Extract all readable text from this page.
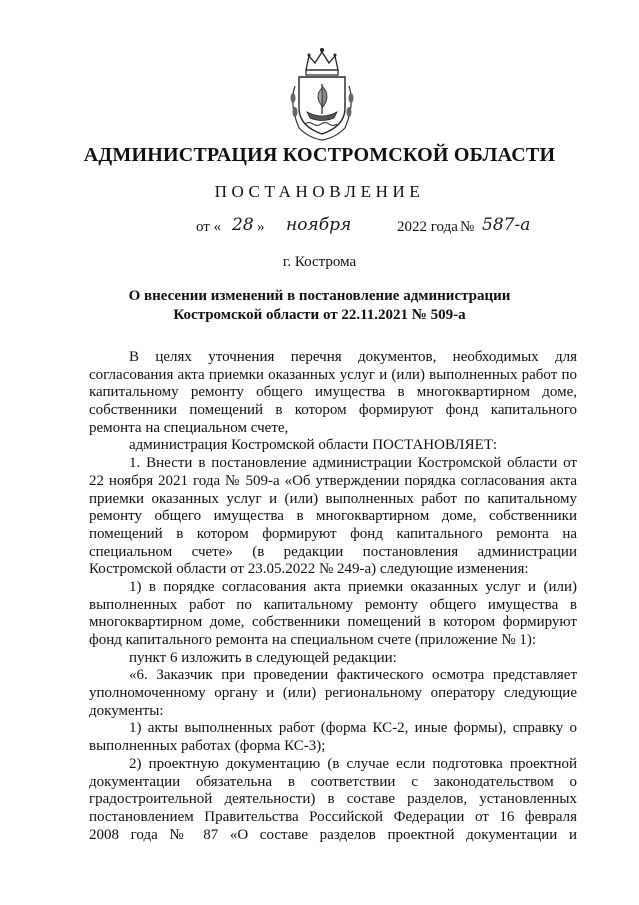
АДМИНИСТРАЦИЯ КОСТРОМСКОЙ ОБЛАСТИ
ПОСТАНОВЛЕНИЕ
от « 28 » ноября	2022 года № 587-а
г. Кострома
О внесении изменений в постановление администрации
Костромской области от 22.11.2021 № 509-а
В целях уточнения перечня документов, необходимых для
согласования акта приемки оказанных услуг и (или) выполненных работ по
капитальному ремонту общего имущества в многоквартирном доме,
собственники помещений в котором формируют фонд капитального
ремонта на специальном счете,
администрация Костромской области ПОСТАНОВЛЯЕТ:
1. Внести в постановление администрации Костромской области от
22 ноября 2021 года № 509-а «Об утверждении порядка согласования акта
приемки оказанных услуг и (или) выполненных работ по капитальному
ремонту общего имущества в многоквартирном доме, собственники
помещений в котором формируют фонд капитального ремонта на
специальном счете» (в редакции постановления администрации
Костромской области от 23.05.2022 № 249-а) следующие изменения:
1) в порядке согласования акта приемки оказанных услуг и (или)
выполненных работ по капитальному ремонту общего имущества в
многоквартирном доме, собственники помещений в котором формируют
фонд капитального ремонта на специальном счете (приложение № 1):
пункт 6 изложить в следующей редакции:
«6. Заказчик при проведении фактического осмотра представляет
уполномоченному органу и (или) региональному оператору следующие
документы:
1) акты выполненных работ (форма КС-2, иные формы), справку о
выполненных работах (форма КС-3);
2) проектную документацию (в случае если подготовка проектной
документации обязательна в соответствии с законодательством о
градостроительной деятельности) в составе разделов, установленных
постановлением Правительства Российской Федерации от 16 февраля
2008 года № 87 «О составе разделов проектной документации и
